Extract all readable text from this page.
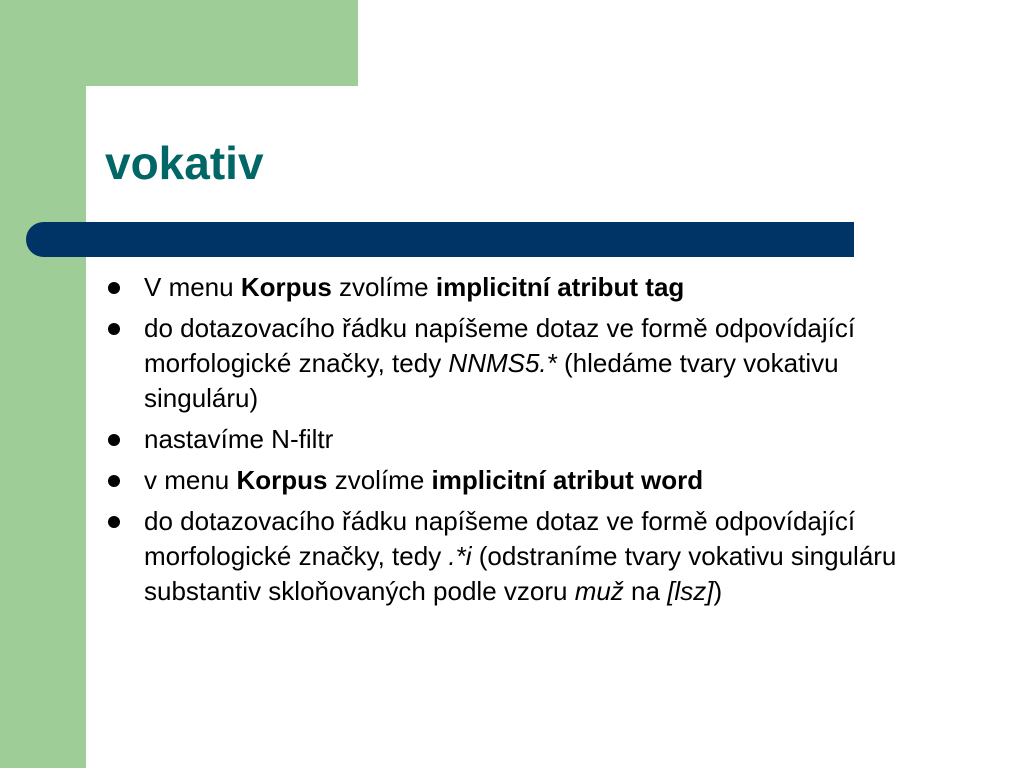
vokativ
V menu Korpus zvolíme implicitní atribut tag
do dotazovacího řádku napíšeme dotaz ve formě odpovídající morfologické značky, tedy NNMS5.* (hledáme tvary vokativu singuláru)
nastavíme N-filtr
v menu Korpus zvolíme implicitní atribut word
do dotazovacího řádku napíšeme dotaz ve formě odpovídající morfologické značky, tedy .*i (odstraníme tvary vokativu singuláru substantiv skloňovaných podle vzoru muž na [lsz])
